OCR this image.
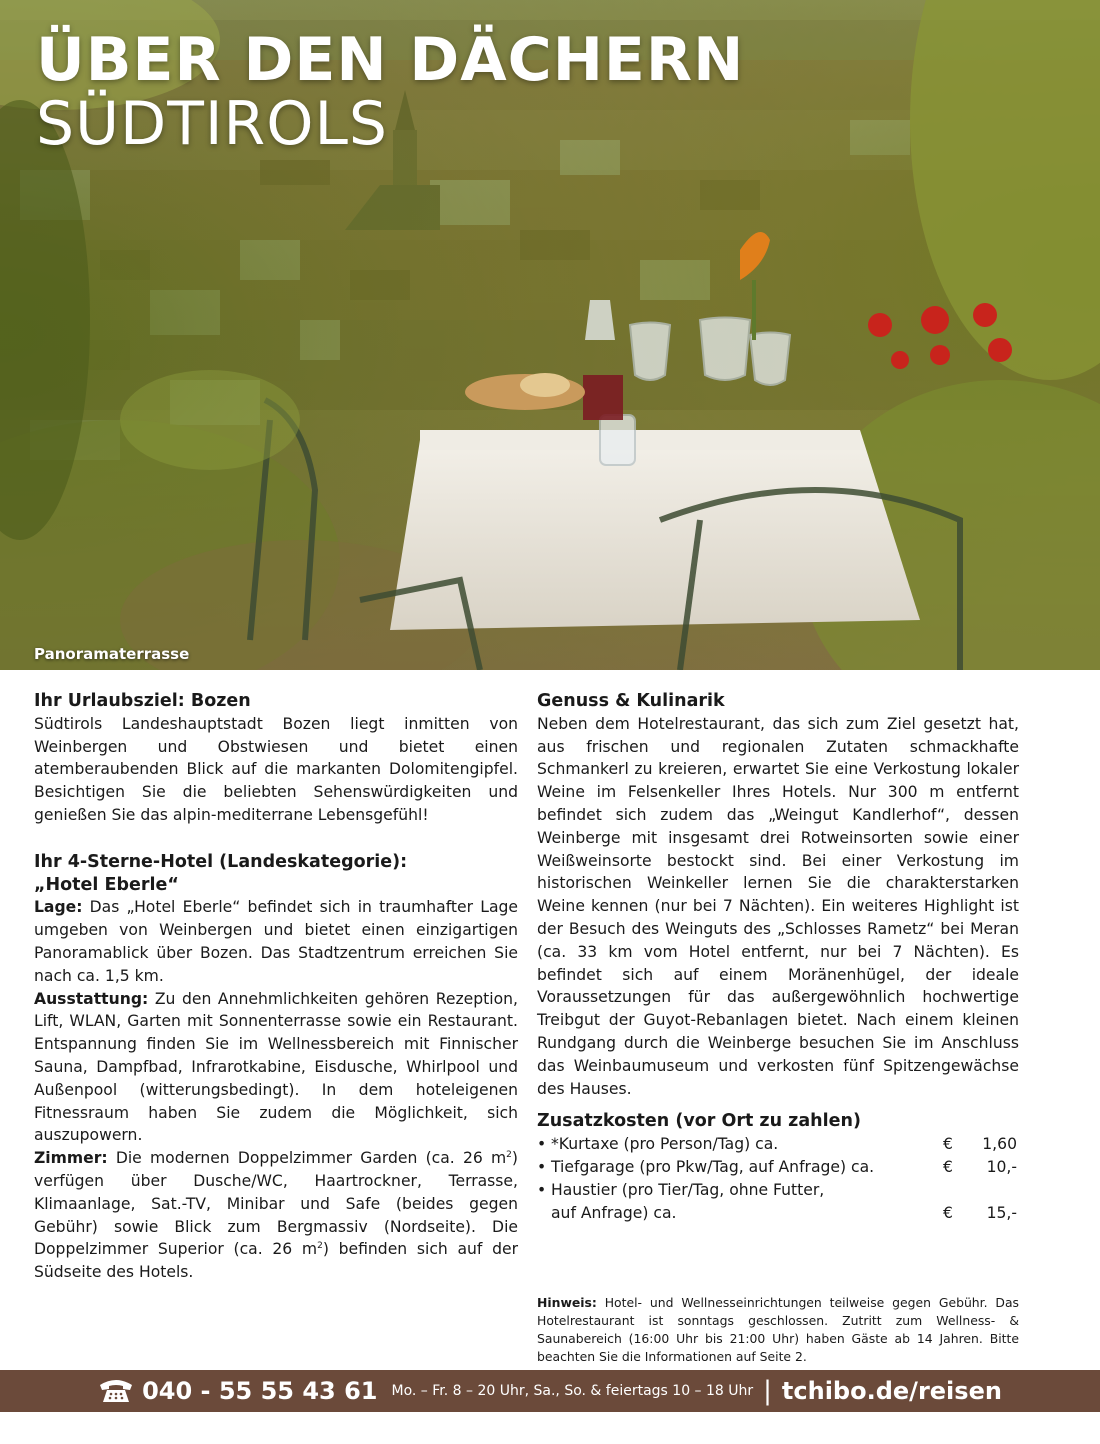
ÜBER DEN DÄCHERN
SÜDTIROLS
Panoramaterrasse
Ihr Urlaubsziel: Bozen

Südtirols Landeshauptstadt Bozen liegt inmitten von Weinbergen und Obstwiesen und bietet einen atemberaubenden Blick auf die markanten Dolomitengipfel. Besichtigen Sie die beliebten Sehenswürdigkeiten und genießen Sie das alpin-mediterrane Lebensgefühl!

Ihr 4-Sterne-Hotel (Landeskategorie):
„Hotel Eberle“

Lage: Das „Hotel Eberle“ befindet sich in traumhafter Lage umgeben von Weinbergen und bietet einen einzigartigen Panoramablick über Bozen. Das Stadtzentrum erreichen Sie nach ca. 1,5 km.

Ausstattung: Zu den Annehmlichkeiten gehören Rezeption, Lift, WLAN, Garten mit Sonnenterrasse sowie ein Restaurant. Entspannung finden Sie im Wellnessbereich mit Finnischer Sauna, Dampfbad, Infrarotkabine, Eisdusche, Whirlpool und Außenpool (witterungsbedingt). In dem hoteleigenen Fitnessraum haben Sie zudem die Möglichkeit, sich auszupowern.

Zimmer: Die modernen Doppelzimmer Garden (ca. 26 $m^2$) verfügen über Dusche/WC, Haartrockner, Terrasse, Klimaanlage, Sat.-TV, Minibar und Safe (beides gegen Gebühr) sowie Blick zum Bergmassiv (Nordseite). Die Doppelzimmer Superior (ca. 26 $m^2$) befinden sich auf der Südseite des Hotels.

Genuss & Kulinarik

Neben dem Hotelrestaurant, das sich zum Ziel gesetzt hat, aus frischen und regionalen Zutaten schmackhafte Schmankerl zu kreieren, erwartet Sie eine Verkostung lokaler Weine im Felsenkeller Ihres Hotels. Nur 300 m entfernt befindet sich zudem das „Weingut Kandlerhof“, dessen Weinberge mit insgesamt drei Rotweinsorten sowie einer Weißweinsorte bestockt sind. Bei einer Verkostung im historischen Weinkeller lernen Sie die charakterstarken Weine kennen (nur bei 7 Nächten). Ein weiteres Highlight ist der Besuch des Weinguts des „Schlosses Rametz“ bei Meran (ca. 33 km vom Hotel entfernt, nur bei 7 Nächten). Es befindet sich auf einem Moränenhügel, der ideale Voraussetzungen für das außergewöhnlich hochwertige Treibgut der Guyot-Rebanlagen bietet. Nach einem kleinen Rundgang durch die Weinberge besuchen Sie im Anschluss das Weinbaumuseum und verkosten fünf Spitzengewächse des Hauses.

Zusatzkosten (vor Ort zu zahlen)
• *Kurtaxe (pro Person/Tag) ca.	€	1,60
• Tiefgarage (pro Pkw/Tag, auf Anfrage) ca.	€	10,-
• Haustier (pro Tier/Tag, ohne Futter,
auf Anfrage) ca.	€	15,-
Hinweis: Hotel- und Wellnesseinrichtungen teilweise gegen Gebühr. Das Hotelrestaurant ist sonntags geschlossen. Zutritt zum Wellness- & Saunabereich (16:00 Uhr bis 21:00 Uhr) haben Gäste ab 14 Jahren. Bitte beachten Sie die Informationen auf Seite 2.
040 - 55 55 43 61 Mo. – Fr. 8 – 20 Uhr, Sa., So. & feiertags 10 – 18 Uhr | tchibo.de/reisen
